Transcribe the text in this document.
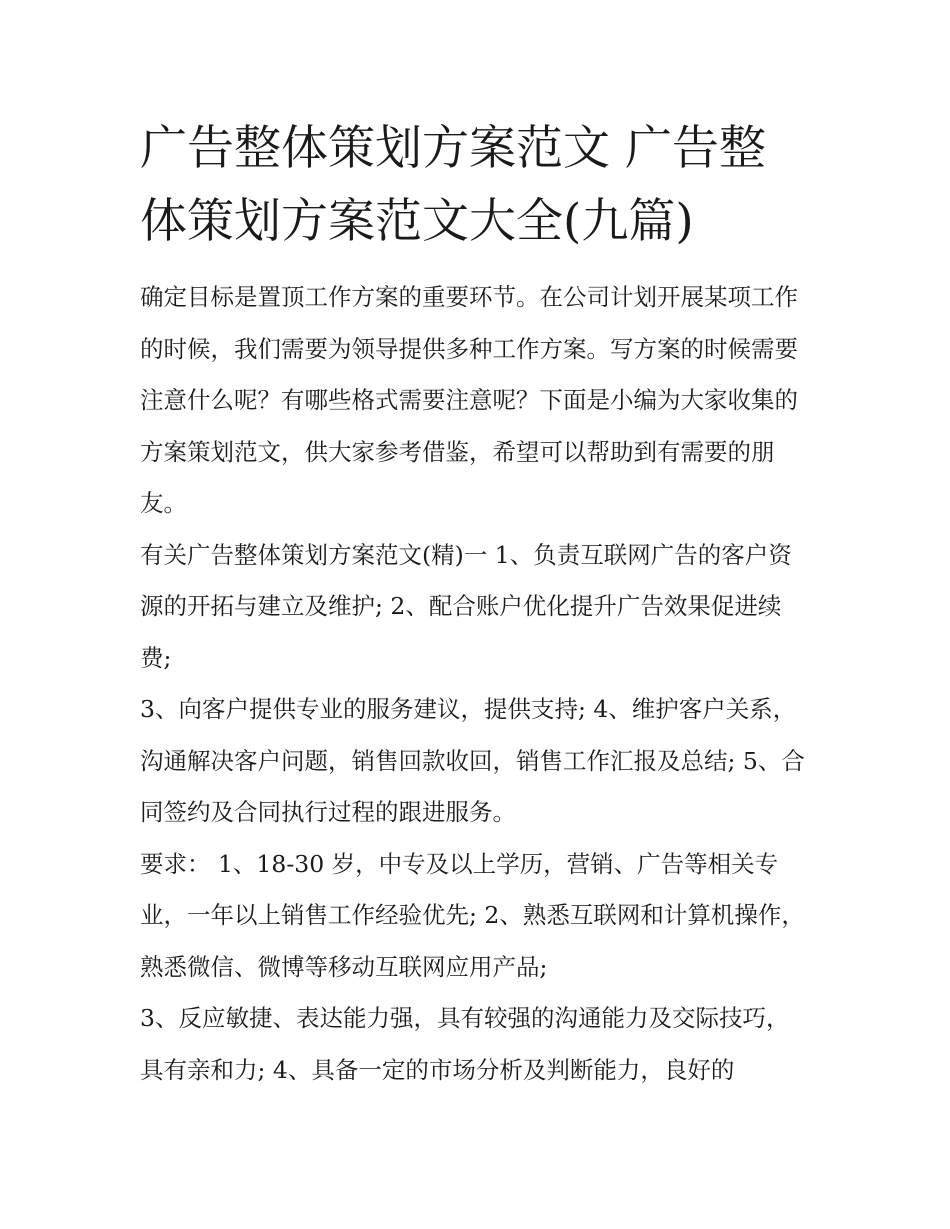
广告整体策划方案范文 广告整体策划方案范文大全(九篇)

确定目标是置顶工作方案的重要环节。在公司计划开展某项工作的时候，我们需要为领导提供多种工作方案。写方案的时候需要注意什么呢？有哪些格式需要注意呢？下面是小编为大家收集的方案策划范文，供大家参考借鉴，希望可以帮助到有需要的朋友。

有关广告整体策划方案范文(精)一 1、负责互联网广告的客户资源的开拓与建立及维护; 2、配合账户优化提升广告效果促进续费;

3、向客户提供专业的服务建议，提供支持; 4、维护客户关系，沟通解决客户问题，销售回款收回，销售工作汇报及总结; 5、合同签约及合同执行过程的跟进服务。

要求： 1、18-30 岁，中专及以上学历，营销、广告等相关专业，一年以上销售工作经验优先; 2、熟悉互联网和计算机操作，熟悉微信、微博等移动互联网应用产品;

3、反应敏捷、表达能力强，具有较强的沟通能力及交际技巧，具有亲和力; 4、具备一定的市场分析及判断能力，良好的
